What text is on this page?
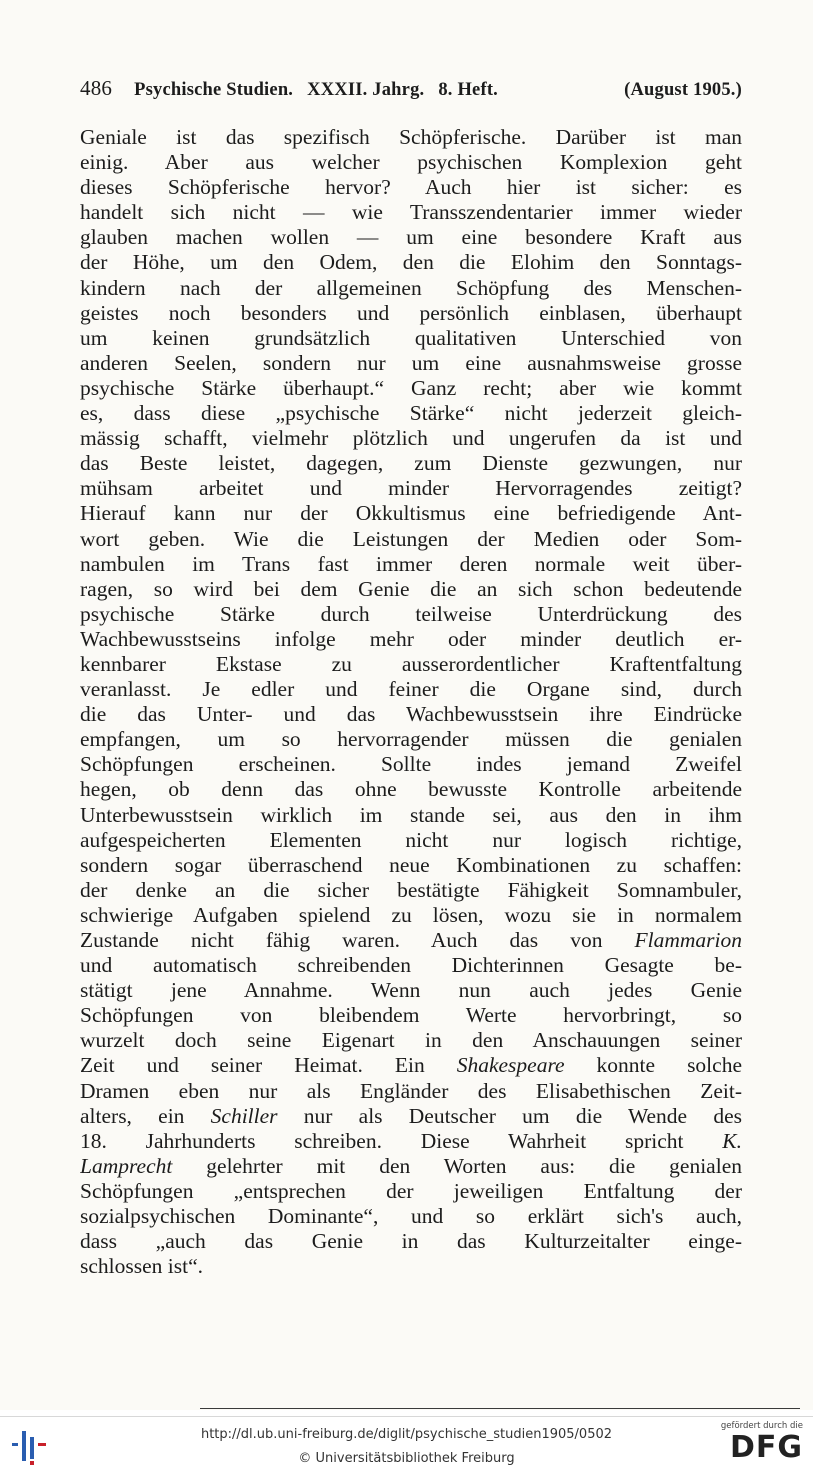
486 Psychische Studien. XXXII. Jahrg. 8. Heft.	(August 1905.)
Geniale ist das spezifisch Schöpferische. Darüber ist man
einig. Aber aus welcher psychischen Komplexion geht
dieses Schöpferische hervor? Auch hier ist sicher: es
handelt sich nicht — wie Transszendentarier immer wieder
glauben machen wollen — um eine besondere Kraft aus
der Höhe, um den Odem, den die Elohim den Sonntags-
kindern nach der allgemeinen Schöpfung des Menschen-
geistes noch besonders und persönlich einblasen, überhaupt
um keinen grundsätzlich qualitativen Unterschied von
anderen Seelen, sondern nur um eine ausnahmsweise grosse
psychische Stärke überhaupt.“ Ganz recht; aber wie kommt
es, dass diese „psychische Stärke“ nicht jederzeit gleich-
mässig schafft, vielmehr plötzlich und ungerufen da ist und
das Beste leistet, dagegen, zum Dienste gezwungen, nur
mühsam arbeitet und minder Hervorragendes zeitigt?
Hierauf kann nur der Okkultismus eine befriedigende Ant-
wort geben. Wie die Leistungen der Medien oder Som-
nambulen im Trans fast immer deren normale weit über-
ragen, so wird bei dem Genie die an sich schon bedeutende
psychische Stärke durch teilweise Unterdrückung des
Wachbewusstseins infolge mehr oder minder deutlich er-
kennbarer Ekstase zu ausserordentlicher Kraftentfaltung
veranlasst. Je edler und feiner die Organe sind, durch
die das Unter- und das Wachbewusstsein ihre Eindrücke
empfangen, um so hervorragender müssen die genialen
Schöpfungen erscheinen. Sollte indes jemand Zweifel
hegen, ob denn das ohne bewusste Kontrolle arbeitende
Unterbewusstsein wirklich im stande sei, aus den in ihm
aufgespeicherten Elementen nicht nur logisch richtige,
sondern sogar überraschend neue Kombinationen zu schaffen:
der denke an die sicher bestätigte Fähigkeit Somnambuler,
schwierige Aufgaben spielend zu lösen, wozu sie in normalem
Zustande nicht fähig waren. Auch das von Flammarion
und automatisch schreibenden Dichterinnen Gesagte be-
stätigt jene Annahme. Wenn nun auch jedes Genie
Schöpfungen von bleibendem Werte hervorbringt, so
wurzelt doch seine Eigenart in den Anschauungen seiner
Zeit und seiner Heimat. Ein Shakespeare konnte solche
Dramen eben nur als Engländer des Elisabethischen Zeit-
alters, ein Schiller nur als Deutscher um die Wende des
18. Jahrhunderts schreiben. Diese Wahrheit spricht K.
Lamprecht gelehrter mit den Worten aus: die genialen
Schöpfungen „entsprechen der jeweiligen Entfaltung der
sozialpsychischen Dominante“, und so erklärt sich's auch,
dass „auch das Genie in das Kulturzeitalter einge-
schlossen ist“.
http://dl.ub.uni-freiburg.de/diglit/psychische_studien1905/0502
© Universitätsbibliothek Freiburg
gefördert durch die
DFG
